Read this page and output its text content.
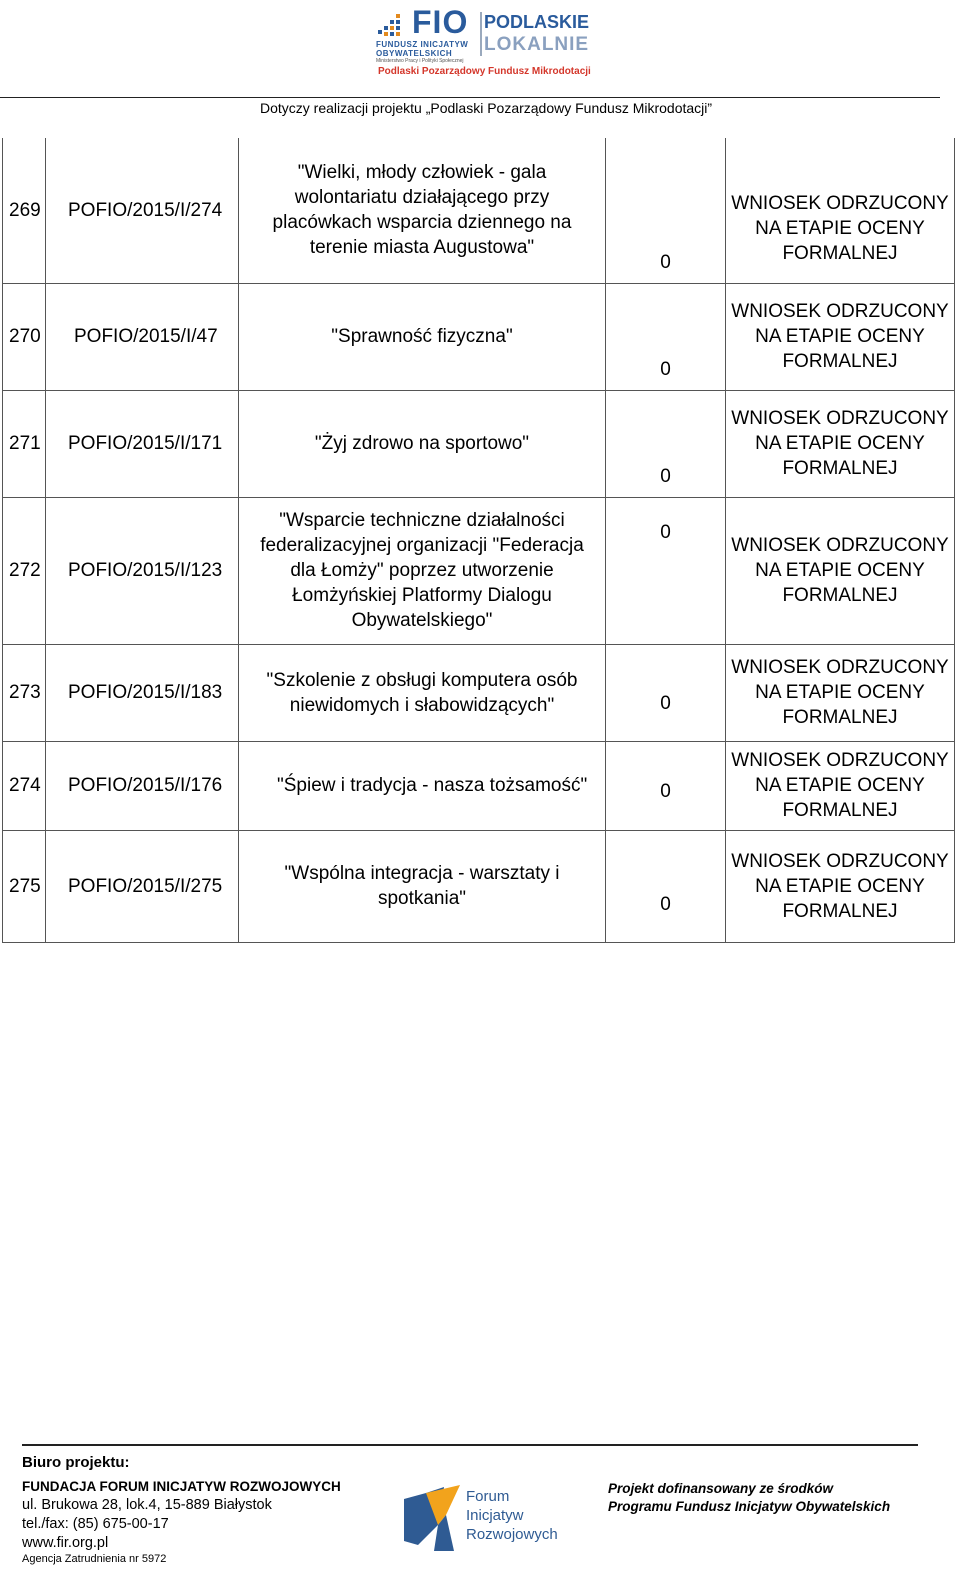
FIO
FUNDUSZ INICJATYW OBYWATELSKICH
Ministerstwo Pracy i Polityki Społecznej
PODLASKIE
LOKALNIE
Podlaski Pozarządowy Fundusz Mikrodotacji
Dotyczy realizacji projektu „Podlaski Pozarządowy Fundusz Mikrodotacji”
269	POFIO/2015/I/274	"Wielki, młody człowiek - gala wolontariatu działającego przy placówkach wsparcia dziennego na terenie miasta Augustowa"	0	WNIOSEK ODRZUCONY NA ETAPIE OCENY FORMALNEJ
270	POFIO/2015/I/47	"Sprawność fizyczna"	0	WNIOSEK ODRZUCONY NA ETAPIE OCENY FORMALNEJ
271	POFIO/2015/I/171	"Żyj zdrowo na sportowo"	0	WNIOSEK ODRZUCONY NA ETAPIE OCENY FORMALNEJ
272	POFIO/2015/I/123	"Wsparcie techniczne działalności federalizacyjnej organizacji "Federacja dla Łomży" poprzez utworzenie Łomżyńskiej Platformy Dialogu Obywatelskiego"	0	WNIOSEK ODRZUCONY NA ETAPIE OCENY FORMALNEJ
273	POFIO/2015/I/183	"Szkolenie z obsługi komputera osób niewidomych i słabowidzących"	0	WNIOSEK ODRZUCONY NA ETAPIE OCENY FORMALNEJ
274	POFIO/2015/I/176	"Śpiew i tradycja - nasza tożsamość"	0	WNIOSEK ODRZUCONY NA ETAPIE OCENY FORMALNEJ
275	POFIO/2015/I/275	"Wspólna integracja - warsztaty i spotkania"	0	WNIOSEK ODRZUCONY NA ETAPIE OCENY FORMALNEJ
Biuro projektu:
FUNDACJA FORUM INICJATYW ROZWOJOWYCH
ul. Brukowa 28, lok.4, 15-889 Białystok
tel./fax: (85) 675-00-17
www.fir.org.pl
Agencja Zatrudnienia nr 5972
Forum
Inicjatyw
Rozwojowych
Projekt dofinansowany ze środków
Programu Fundusz Inicjatyw Obywatelskich
